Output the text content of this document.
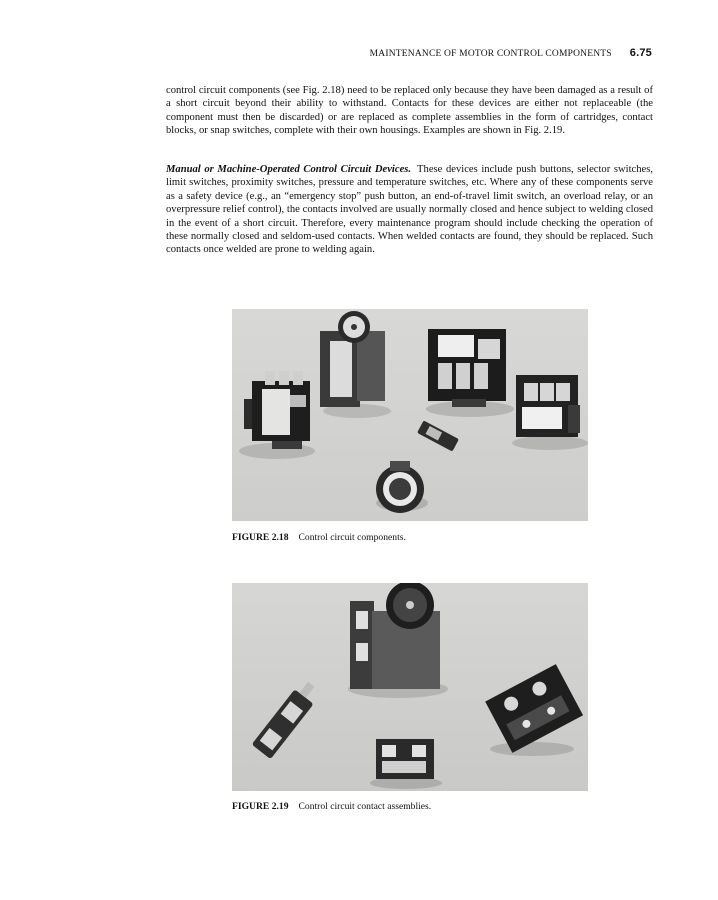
MAINTENANCE OF MOTOR CONTROL COMPONENTS 6.75

control circuit components (see Fig. 2.18) need to be replaced only because they have been damaged as a result of a short circuit beyond their ability to withstand. Contacts for these devices are either not replaceable (the component must then be discarded) or are replaced as complete assemblies in the form of cartridges, contact blocks, or snap switches, complete with their own housings. Examples are shown in Fig. 2.19.

Manual or Machine-Operated Control Circuit Devices. These devices include push buttons, selector switches, limit switches, proximity switches, pressure and temperature switches, etc. Where any of these components serve as a safety device (e.g., an “emergency stop” push button, an end-of-travel limit switch, an overload relay, or an overpressure relief control), the contacts involved are usually normally closed and hence subject to welding closed in the event of a short circuit. Therefore, every maintenance program should include checking the operation of these normally closed and seldom-used contacts. When welded contacts are found, they should be replaced. Such contacts once welded are prone to welding again.

FIGURE 2.18 Control circuit components.
FIGURE 2.19 Control circuit contact assemblies.
